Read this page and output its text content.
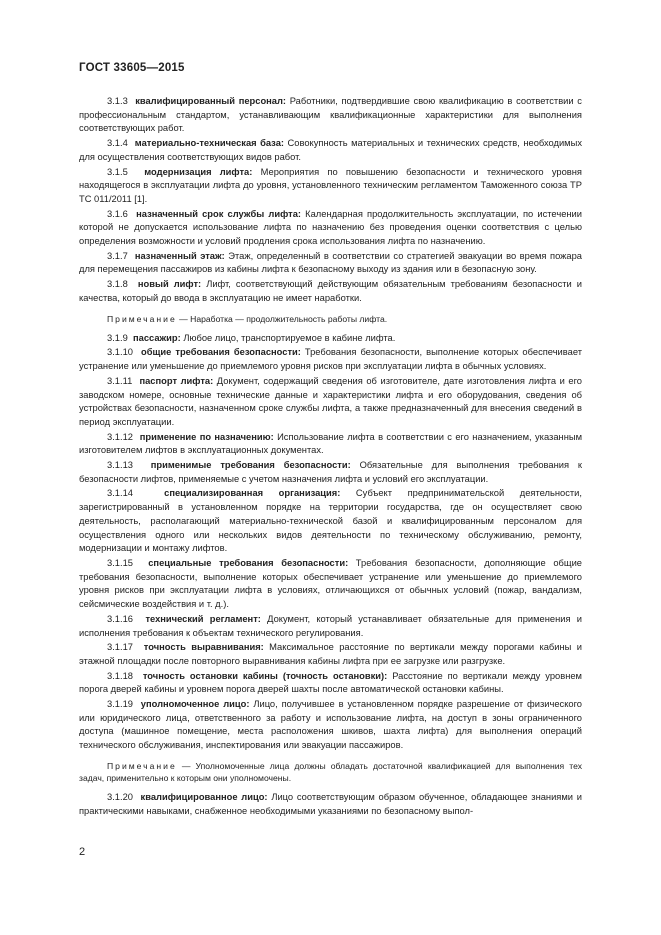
ГОСТ 33605—2015

3.1.3 квалифицированный персонал: Работники, подтвердившие свою квалификацию в соответствии с профессиональным стандартом, устанавливающим квалификационные характеристики для выполнения соответствующих работ.

3.1.4 материально-техническая база: Совокупность материальных и технических средств, необходимых для осуществления соответствующих видов работ.

3.1.5 модернизация лифта: Мероприятия по повышению безопасности и технического уровня находящегося в эксплуатации лифта до уровня, установленного техническим регламентом Таможенного союза ТР ТС 011/2011 [1].

3.1.6 назначенный срок службы лифта: Календарная продолжительность эксплуатации, по истечении которой не допускается использование лифта по назначению без проведения оценки соответствия с целью определения возможности и условий продления срока использования лифта по назначению.

3.1.7 назначенный этаж: Этаж, определенный в соответствии со стратегией эвакуации во время пожара для перемещения пассажиров из кабины лифта к безопасному выходу из здания или в безопасную зону.

3.1.8 новый лифт: Лифт, соответствующий действующим обязательным требованиям безопасности и качества, который до ввода в эксплуатацию не имеет наработки.

Примечание — Наработка — продолжительность работы лифта.

3.1.9 пассажир: Любое лицо, транспортируемое в кабине лифта.

3.1.10 общие требования безопасности: Требования безопасности, выполнение которых обеспечивает устранение или уменьшение до приемлемого уровня рисков при эксплуатации лифта в обычных условиях.

3.1.11 паспорт лифта: Документ, содержащий сведения об изготовителе, дате изготовления лифта и его заводском номере, основные технические данные и характеристики лифта и его оборудования, сведения об устройствах безопасности, назначенном сроке службы лифта, а также предназначенный для внесения сведений в период эксплуатации.

3.1.12 применение по назначению: Использование лифта в соответствии с его назначением, указанным изготовителем лифтов в эксплуатационных документах.

3.1.13 применимые требования безопасности: Обязательные для выполнения требования к безопасности лифтов, применяемые с учетом назначения лифта и условий его эксплуатации.

3.1.14	специализированная организация: Субъект предпринимательской деятельности, зарегистрированный в установленном порядке на территории государства, где он осуществляет свою деятельность, располагающий материально-технической базой и квалифицированным персоналом для осуществления одного или нескольких видов деятельности по техническому обслуживанию, ремонту, модернизации и монтажу лифтов.

3.1.15 специальные требования безопасности: Требования безопасности, дополняющие общие требования безопасности, выполнение которых обеспечивает устранение или уменьшение до приемлемого уровня рисков при эксплуатации лифта в условиях, отличающихся от обычных условий (пожар, вандализм, сейсмические воздействия и т. д.).

3.1.16 технический регламент: Документ, который устанавливает обязательные для применения и исполнения требования к объектам технического регулирования.

3.1.17 точность выравнивания: Максимальное расстояние по вертикали между порогами кабины и этажной площадки после повторного выравнивания кабины лифта при ее загрузке или разгрузке.

3.1.18 точность остановки кабины (точность остановки): Расстояние по вертикали между уровнем порога дверей кабины и уровнем порога дверей шахты после автоматической остановки кабины.

3.1.19 уполномоченное лицо: Лицо, получившее в установленном порядке разрешение от физического или юридического лица, ответственного за работу и использование лифта, на доступ в зоны ограниченного доступа (машинное помещение, места расположения шкивов, шахта лифта) для выполнения операций технического обслуживания, инспектирования или эвакуации пассажиров.

Примечание — Уполномоченные лица должны обладать достаточной квалификацией для выполнения тех задач, применительно к которым они уполномочены.

3.1.20 квалифицированное лицо: Лицо соответствующим образом обученное, обладающее знаниями и практическими навыками, снабженное необходимыми указаниями по безопасному выпол-

2
